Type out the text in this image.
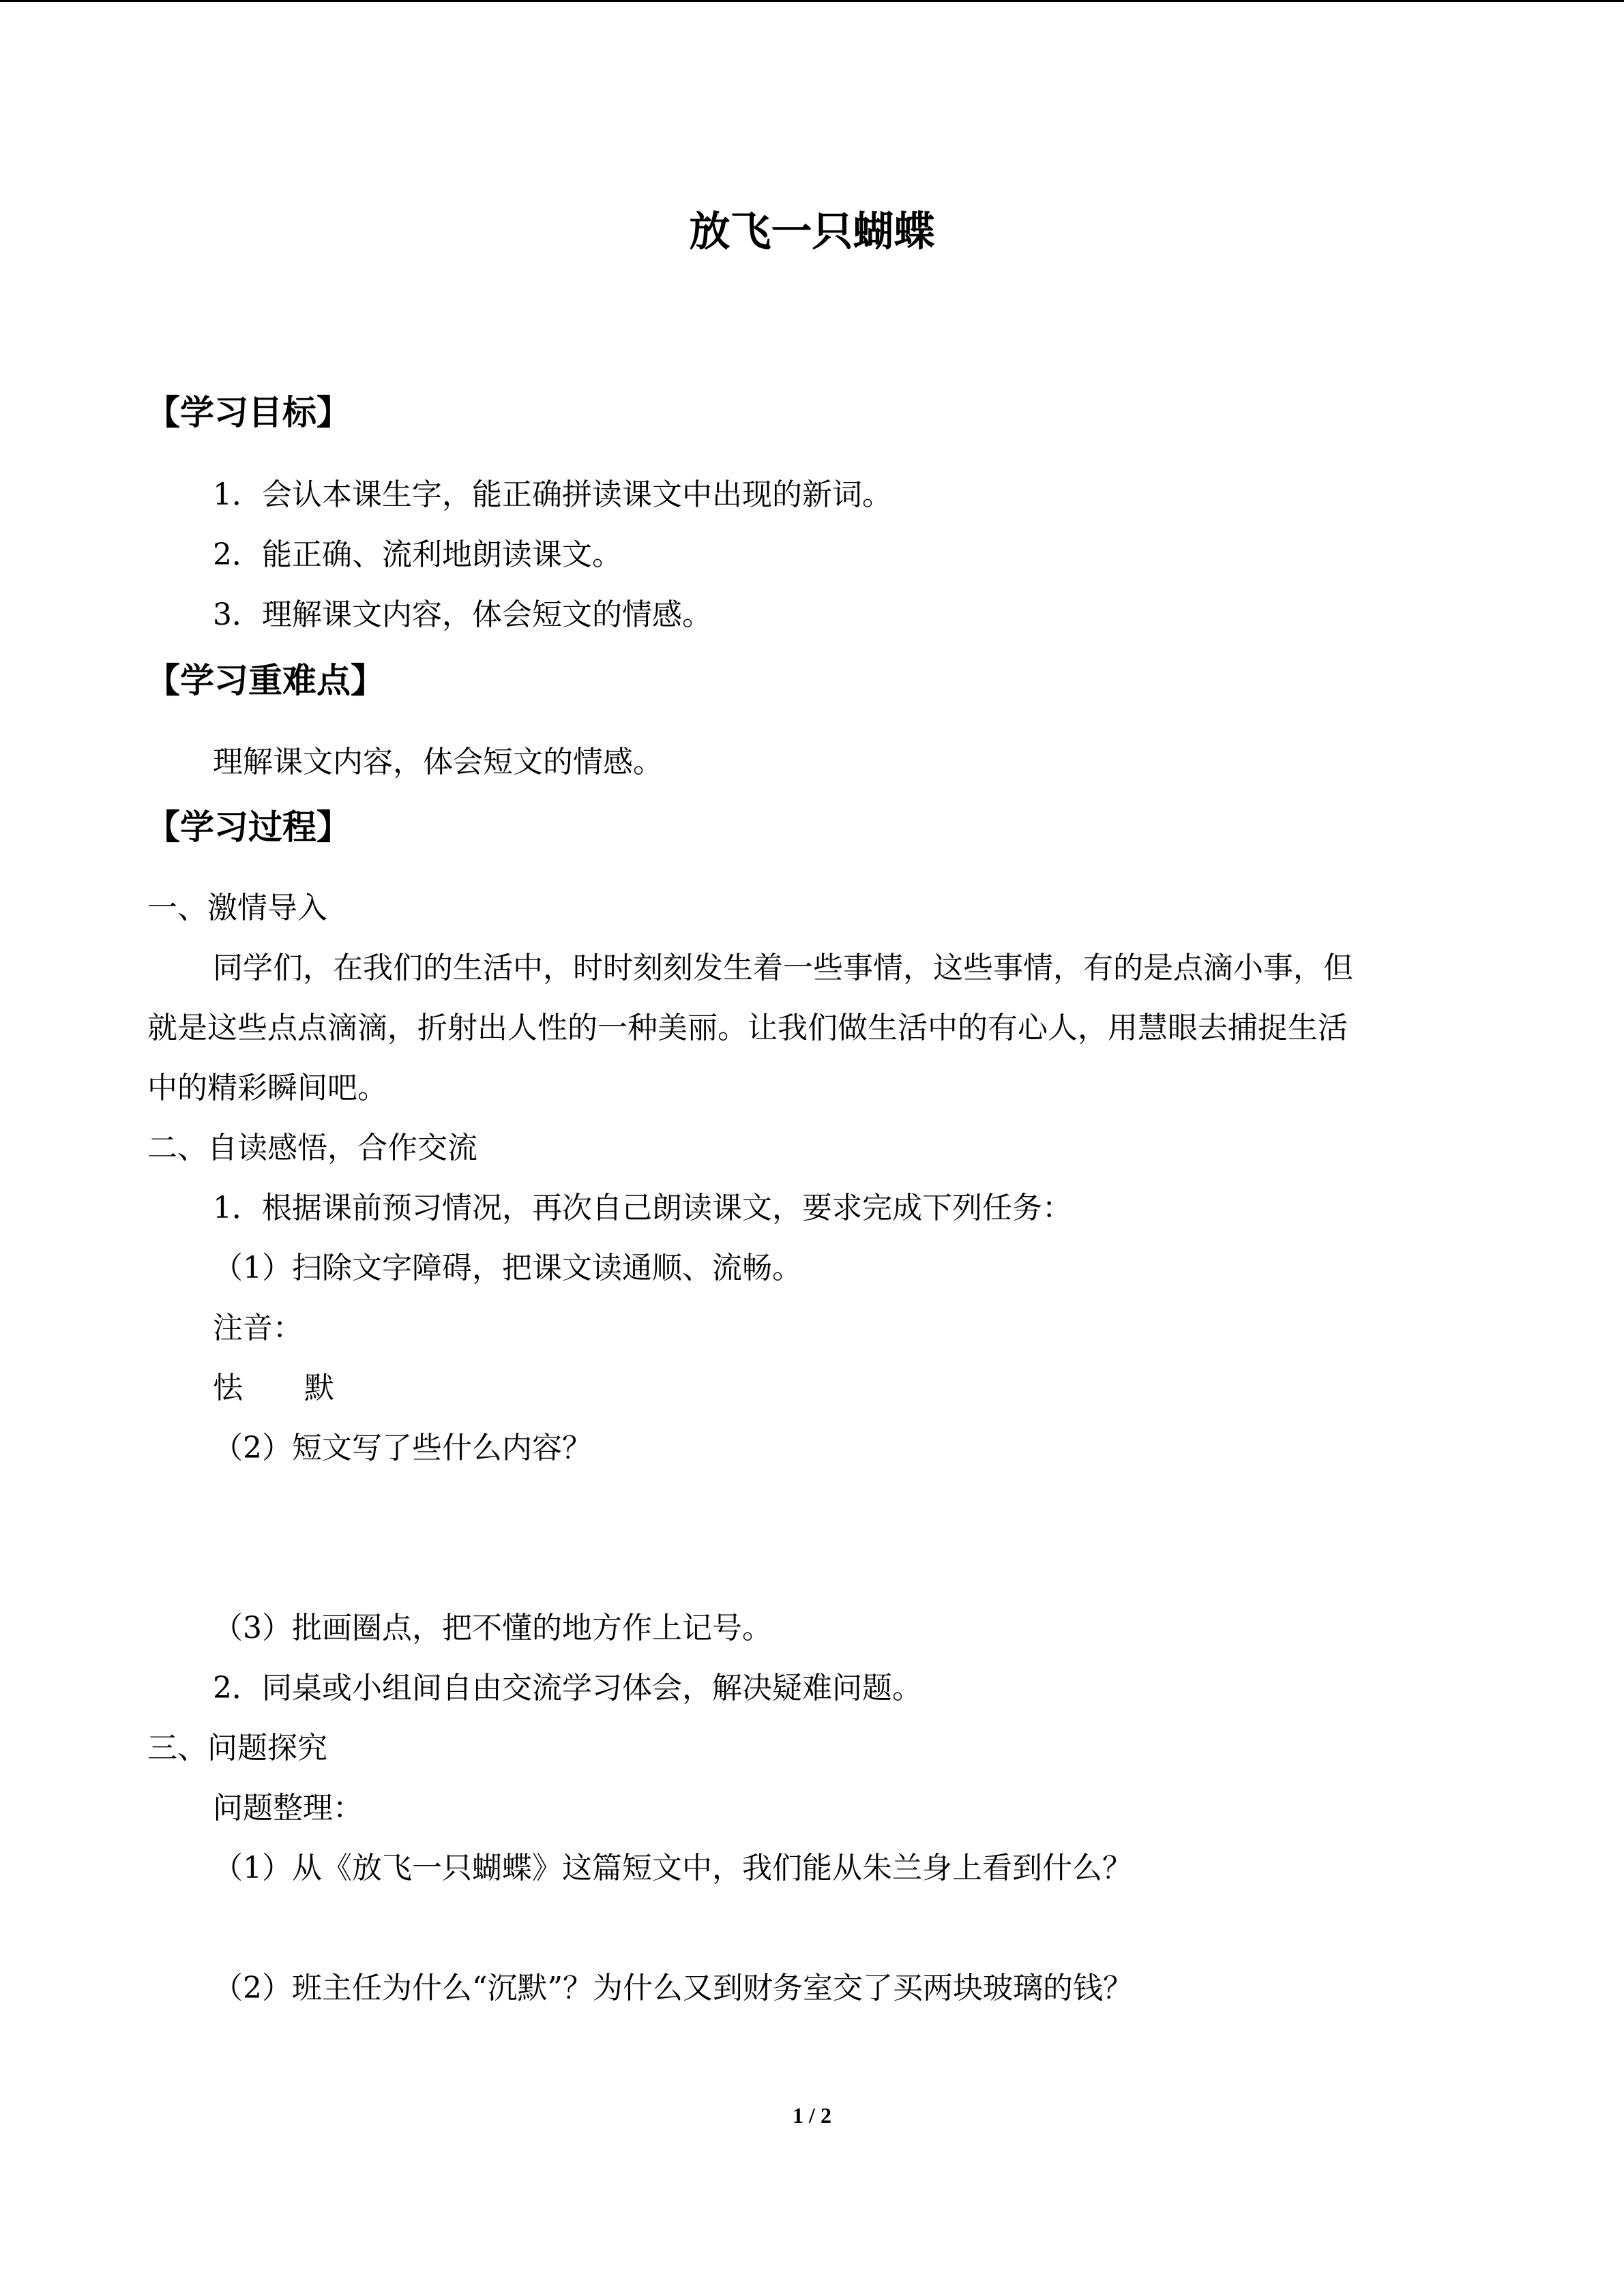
放飞一只蝴蝶
【学习目标】
1．会认本课生字，能正确拼读课文中出现的新词。
2．能正确、流利地朗读课文。
3．理解课文内容，体会短文的情感。
【学习重难点】
理解课文内容，体会短文的情感。
【学习过程】
一、激情导入
同学们，在我们的生活中，时时刻刻发生着一些事情，这些事情，有的是点滴小事，但
就是这些点点滴滴，折射出人性的一种美丽。让我们做生活中的有心人，用慧眼去捕捉生活
中的精彩瞬间吧。
二、自读感悟，合作交流
1．根据课前预习情况，再次自己朗读课文，要求完成下列任务：
（1）扫除文字障碍，把课文读通顺、流畅。
注音：
怯 默
（2）短文写了些什么内容？
（3）批画圈点，把不懂的地方作上记号。
2．同桌或小组间自由交流学习体会，解决疑难问题。
三、问题探究
问题整理：
（1）从《放飞一只蝴蝶》这篇短文中，我们能从朱兰身上看到什么？
（2）班主任为什么“沉默”？为什么又到财务室交了买两块玻璃的钱？
1 / 2
